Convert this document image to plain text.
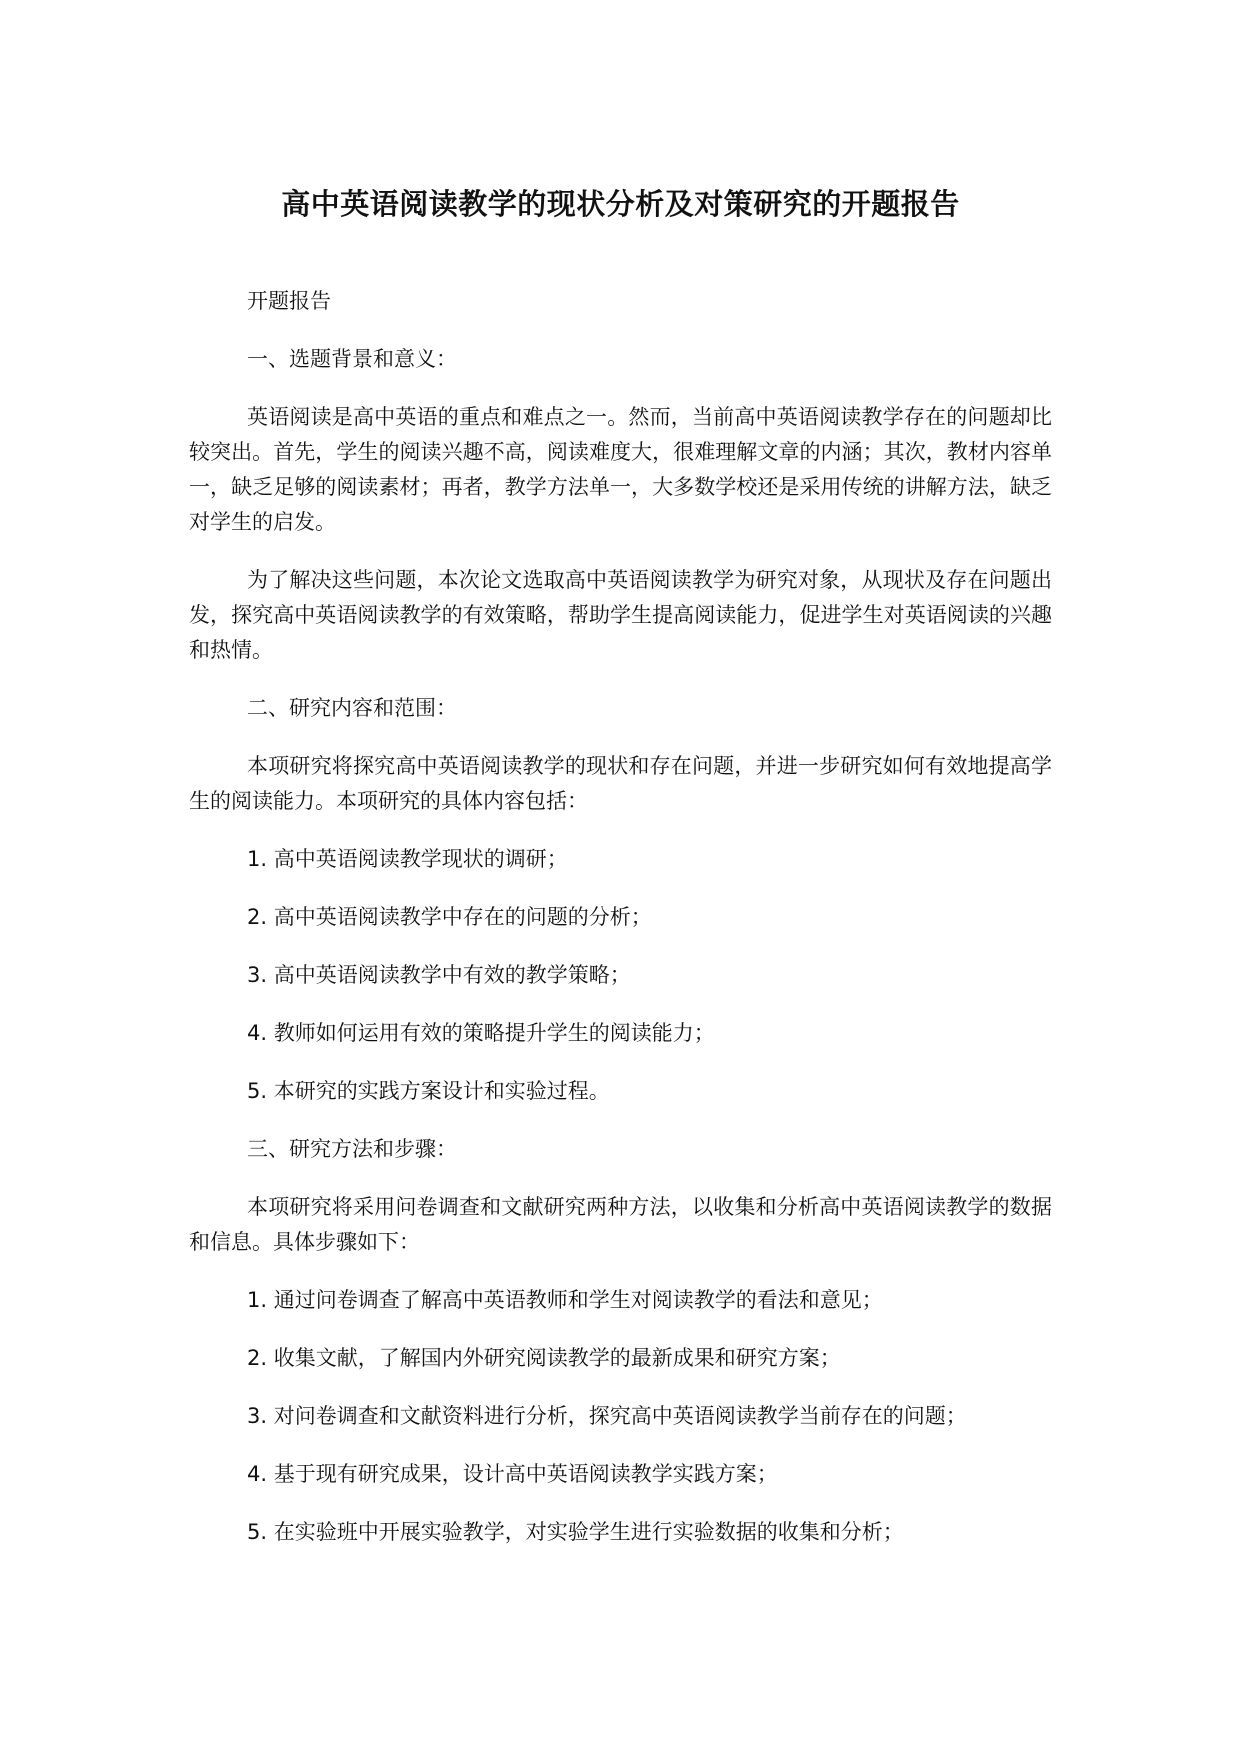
高中英语阅读教学的现状分析及对策研究的开题报告

开题报告

一、选题背景和意义：

英语阅读是高中英语的重点和难点之一。然而，当前高中英语阅读教学存在的问题却比较突出。首先，学生的阅读兴趣不高，阅读难度大，很难理解文章的内涵；其次，教材内容单一，缺乏足够的阅读素材；再者，教学方法单一，大多数学校还是采用传统的讲解方法，缺乏对学生的启发。

为了解决这些问题，本次论文选取高中英语阅读教学为研究对象，从现状及存在问题出发，探究高中英语阅读教学的有效策略，帮助学生提高阅读能力，促进学生对英语阅读的兴趣和热情。

二、研究内容和范围：

本项研究将探究高中英语阅读教学的现状和存在问题，并进一步研究如何有效地提高学生的阅读能力。本项研究的具体内容包括：

1. 高中英语阅读教学现状的调研；

2. 高中英语阅读教学中存在的问题的分析；

3. 高中英语阅读教学中有效的教学策略；

4. 教师如何运用有效的策略提升学生的阅读能力；

5. 本研究的实践方案设计和实验过程。

三、研究方法和步骤：

本项研究将采用问卷调查和文献研究两种方法，以收集和分析高中英语阅读教学的数据和信息。具体步骤如下：

1. 通过问卷调查了解高中英语教师和学生对阅读教学的看法和意见；

2. 收集文献，了解国内外研究阅读教学的最新成果和研究方案；

3. 对问卷调查和文献资料进行分析，探究高中英语阅读教学当前存在的问题；

4. 基于现有研究成果，设计高中英语阅读教学实践方案；

5. 在实验班中开展实验教学，对实验学生进行实验数据的收集和分析；
